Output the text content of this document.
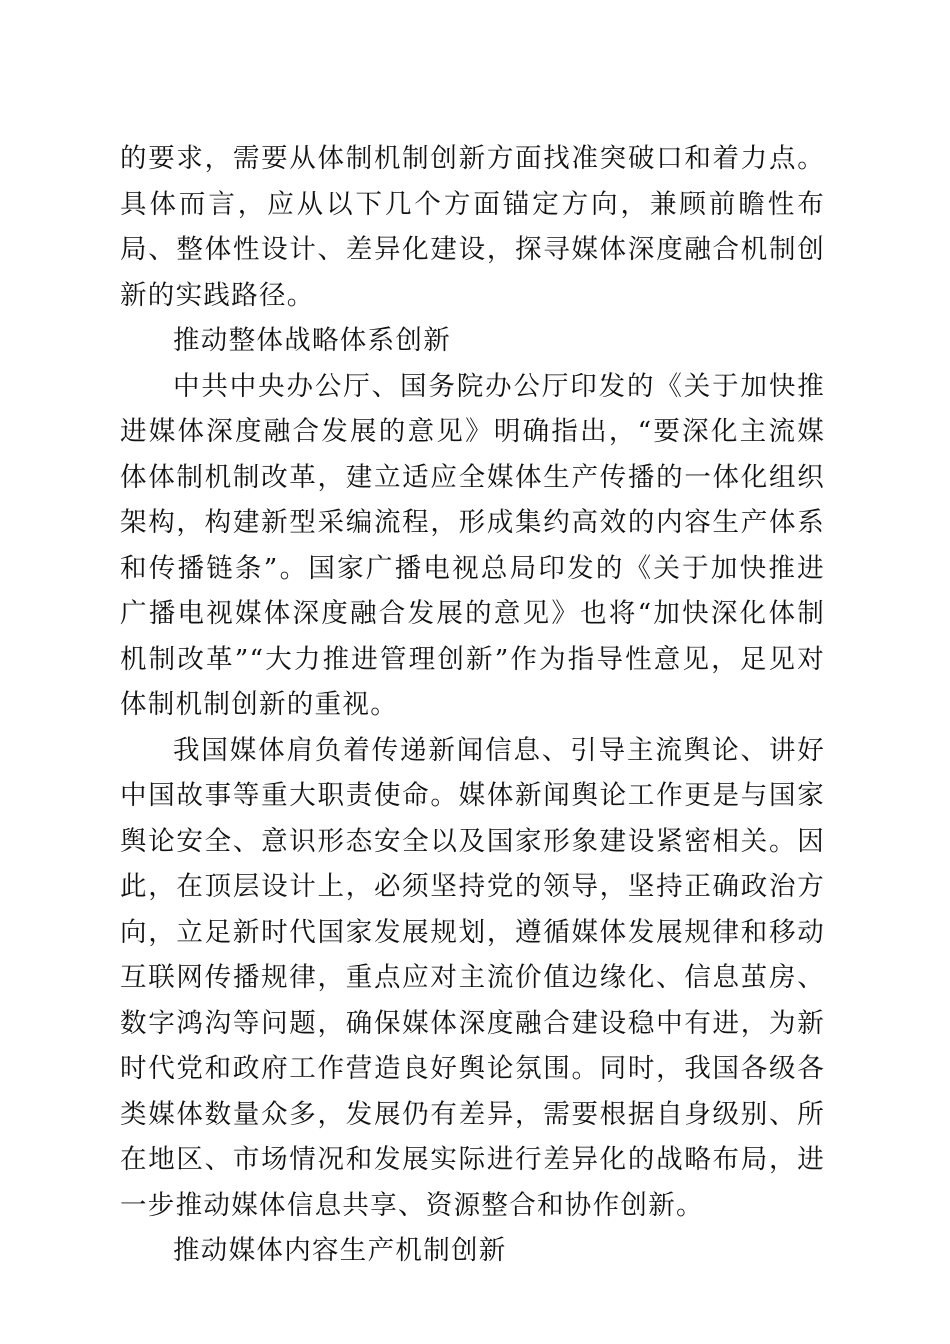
的要求，需要从体制机制创新方面找准突破口和着力点。具体而言，应从以下几个方面锚定方向，兼顾前瞻性布局、整体性设计、差异化建设，探寻媒体深度融合机制创新的实践路径。

推动整体战略体系创新

中共中央办公厅、国务院办公厅印发的《关于加快推进媒体深度融合发展的意见》明确指出，“要深化主流媒体体制机制改革，建立适应全媒体生产传播的一体化组织架构，构建新型采编流程，形成集约高效的内容生产体系和传播链条”。国家广播电视总局印发的《关于加快推进广播电视媒体深度融合发展的意见》也将“加快深化体制机制改革”“大力推进管理创新”作为指导性意见，足见对体制机制创新的重视。

我国媒体肩负着传递新闻信息、引导主流舆论、讲好中国故事等重大职责使命。媒体新闻舆论工作更是与国家舆论安全、意识形态安全以及国家形象建设紧密相关。因此，在顶层设计上，必须坚持党的领导，坚持正确政治方向，立足新时代国家发展规划，遵循媒体发展规律和移动互联网传播规律，重点应对主流价值边缘化、信息茧房、数字鸿沟等问题，确保媒体深度融合建设稳中有进，为新时代党和政府工作营造良好舆论氛围。同时，我国各级各类媒体数量众多，发展仍有差异，需要根据自身级别、所在地区、市场情况和发展实际进行差异化的战略布局，进一步推动媒体信息共享、资源整合和协作创新。

推动媒体内容生产机制创新
